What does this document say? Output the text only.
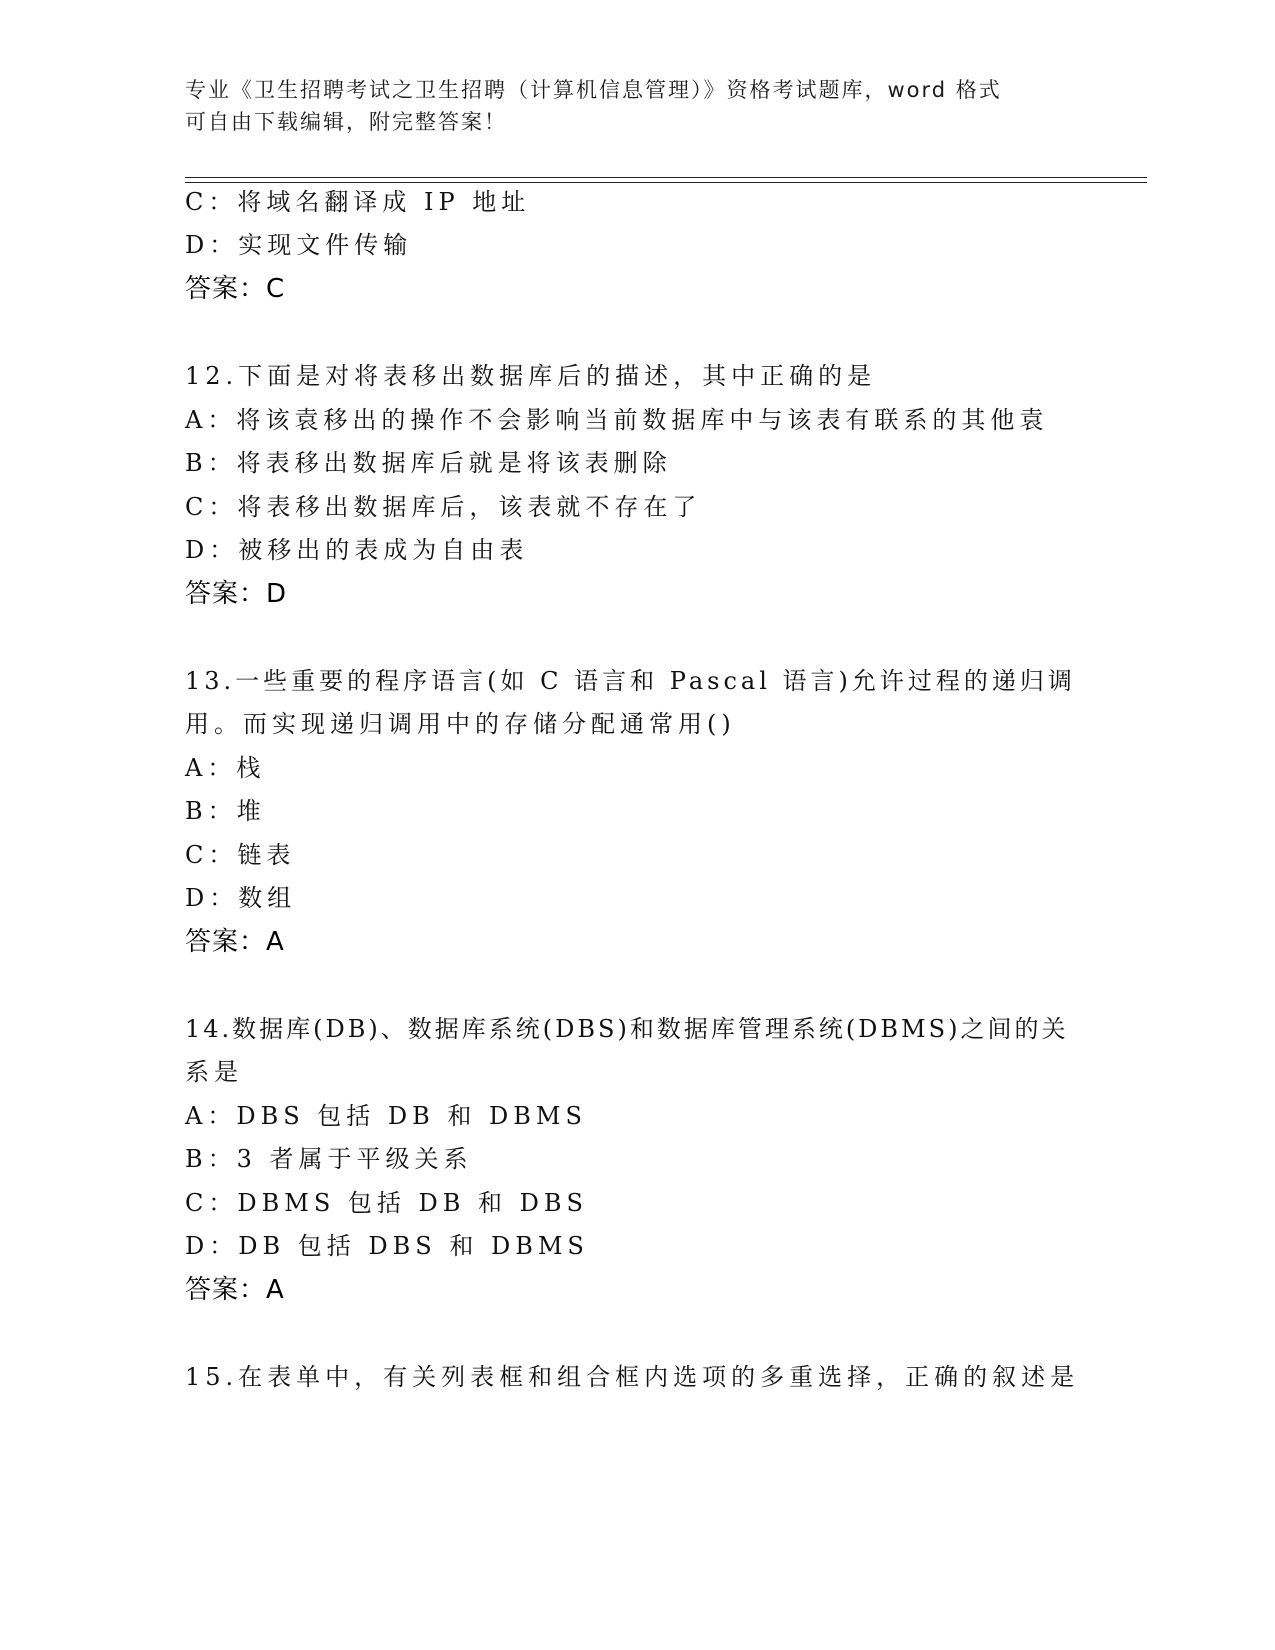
专业《卫生招聘考试之卫生招聘（计算机信息管理）》资格考试题库，word 格式
可自由下载编辑，附完整答案！
C：将域名翻译成 IP 地址
D：实现文件传输
答案：C
12.下面是对将表移出数据库后的描述，其中正确的是
A：将该袁移出的操作不会影响当前数据库中与该表有联系的其他袁
B：将表移出数据库后就是将该表删除
C：将表移出数据库后，该表就不存在了
D：被移出的表成为自由表
答案：D
13.一些重要的程序语言(如 C 语言和 Pascal 语言)允许过程的递归调
用。而实现递归调用中的存储分配通常用()
A：栈
B：堆
C：链表
D：数组
答案：A
14.数据库(DB)、数据库系统(DBS)和数据库管理系统(DBMS)之间的关
系是
A：DBS 包括 DB 和 DBMS
B：3 者属于平级关系
C：DBMS 包括 DB 和 DBS
D：DB 包括 DBS 和 DBMS
答案：A
15.在表单中，有关列表框和组合框内选项的多重选择，正确的叙述是
